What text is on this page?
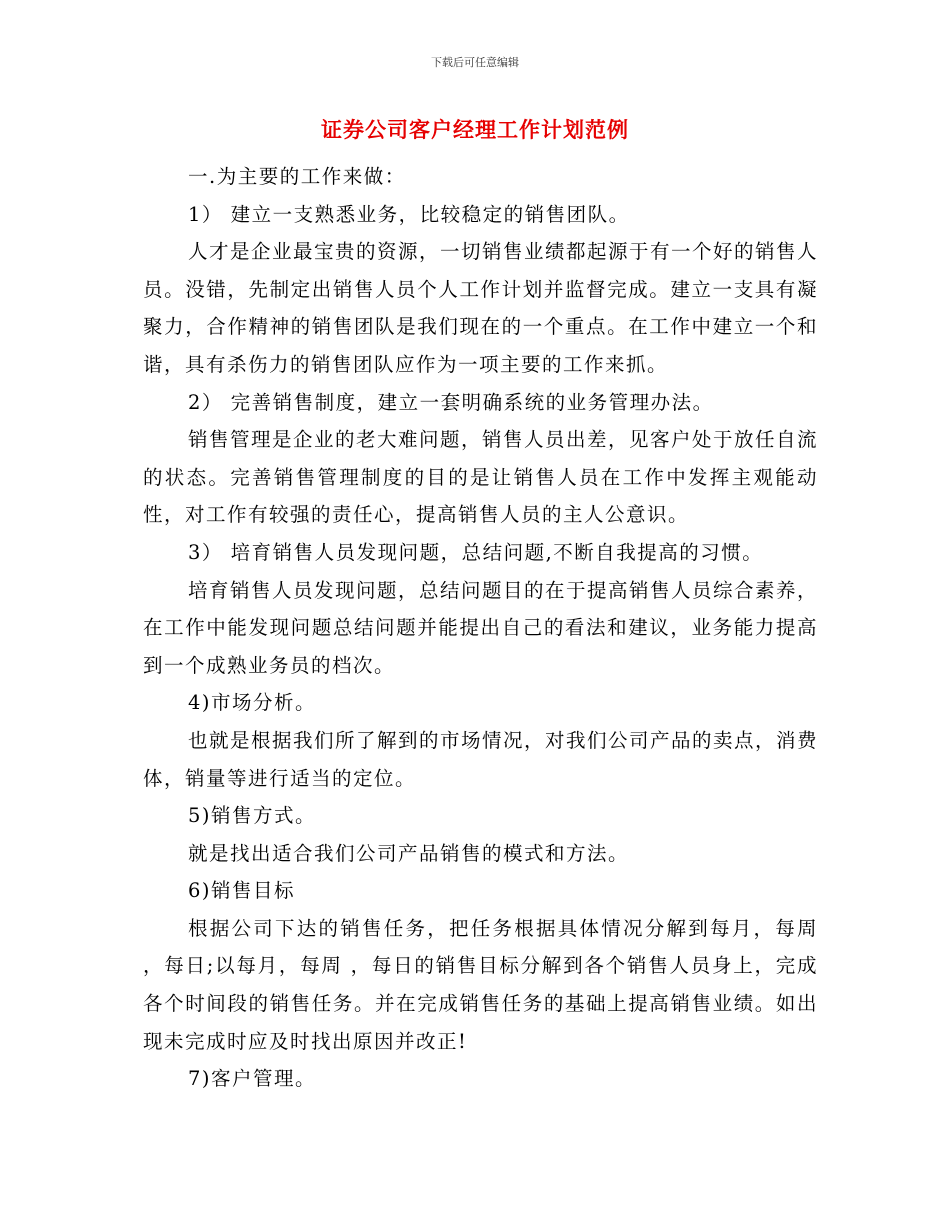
下载后可任意编辑
证券公司客户经理工作计划范例

一.为主要的工作来做：

1） 建立一支熟悉业务，比较稳定的销售团队。

人才是企业最宝贵的资源，一切销售业绩都起源于有一个好的销售人员。没错，先制定出销售人员个人工作计划并监督完成。建立一支具有凝聚力，合作精神的销售团队是我们现在的一个重点。在工作中建立一个和谐，具有杀伤力的销售团队应作为一项主要的工作来抓。

2） 完善销售制度，建立一套明确系统的业务管理办法。

销售管理是企业的老大难问题，销售人员出差，见客户处于放任自流的状态。完善销售管理制度的目的是让销售人员在工作中发挥主观能动性，对工作有较强的责任心，提高销售人员的主人公意识。

3） 培育销售人员发现问题，总结问题,不断自我提高的习惯。

培育销售人员发现问题，总结问题目的在于提高销售人员综合素养，在工作中能发现问题总结问题并能提出自己的看法和建议，业务能力提高到一个成熟业务员的档次。

4)市场分析。

也就是根据我们所了解到的市场情况，对我们公司产品的卖点，消费体，销量等进行适当的定位。

5)销售方式。

就是找出适合我们公司产品销售的模式和方法。

6)销售目标

根据公司下达的销售任务，把任务根据具体情况分解到每月，每周 ，每日;以每月，每周 ，每日的销售目标分解到各个销售人员身上，完成各个时间段的销售任务。并在完成销售任务的基础上提高销售业绩。如出现未完成时应及时找出原因并改正!

7)客户管理。
